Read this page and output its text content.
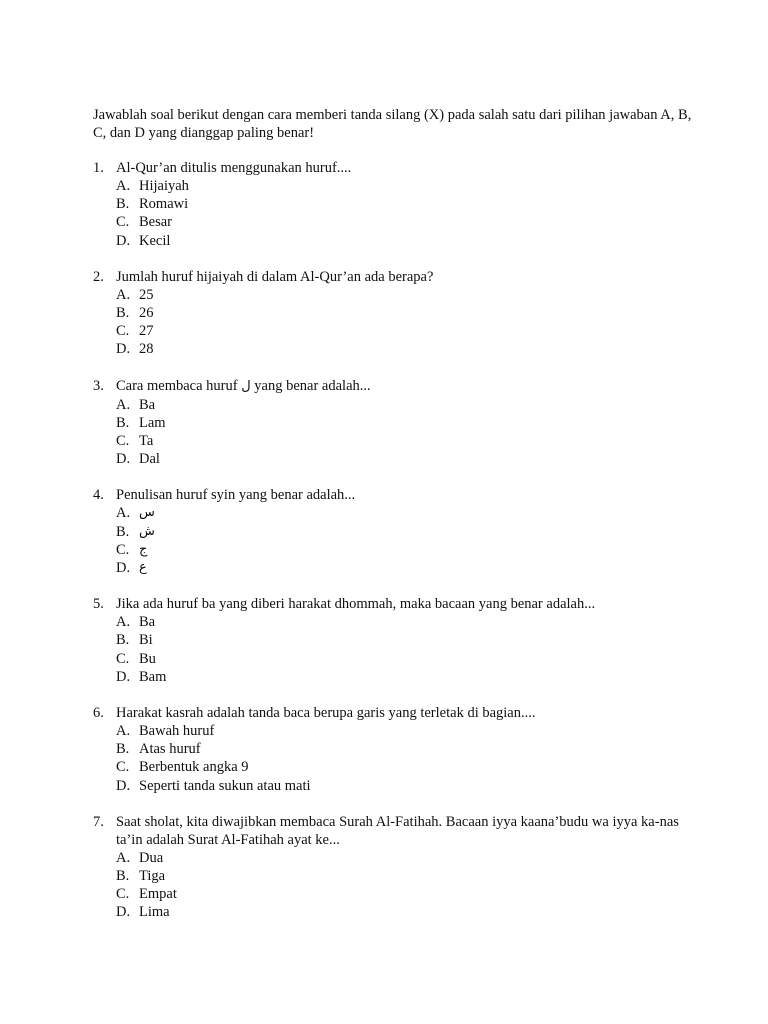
Jawablah soal berikut dengan cara memberi tanda silang (X) pada salah satu dari pilihan jawaban A, B, C, dan D yang dianggap paling benar!

1. Al-Qur’an ditulis menggunakan huruf....
A. Hijaiyah
B. Romawi
C. Besar
D. Kecil
2. Jumlah huruf hijaiyah di dalam Al-Qur’an ada berapa?
A. 25
B. 26
C. 27
D. 28
3. Cara membaca huruf ل yang benar adalah...
A. Ba
B. Lam
C. Ta
D. Dal
4. Penulisan huruf syin yang benar adalah...
A. س
B. ش
C. ج
D. ع
5. Jika ada huruf ba yang diberi harakat dhommah, maka bacaan yang benar adalah...
A. Ba
B. Bi
C. Bu
D. Bam
6. Harakat kasrah adalah tanda baca berupa garis yang terletak di bagian....
A. Bawah huruf
B. Atas huruf
C. Berbentuk angka 9
D. Seperti tanda sukun atau mati
7. Saat sholat, kita diwajibkan membaca Surah Al-Fatihah. Bacaan iyya kaana’budu wa iyya ka-nas ta’in adalah Surat Al-Fatihah ayat ke...
A. Dua
B. Tiga
C. Empat
D. Lima
